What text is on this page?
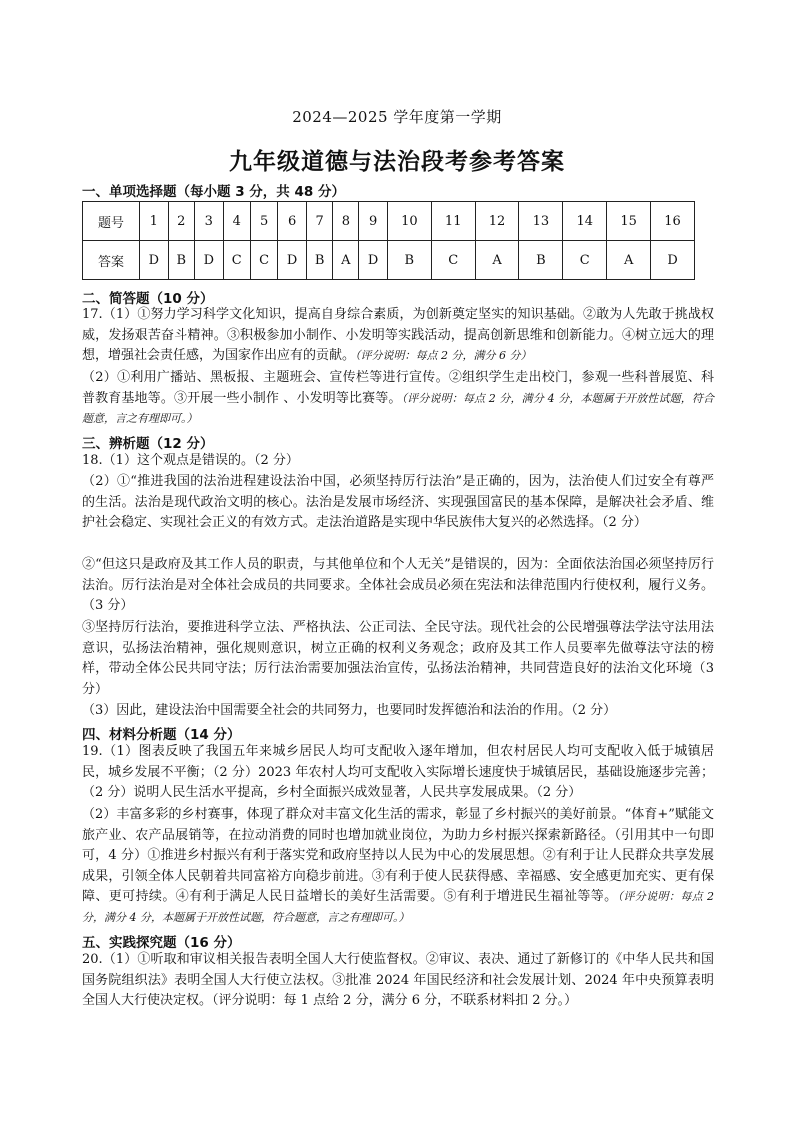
2024—2025 学年度第一学期
九年级道德与法治段考参考答案
一、单项选择题（每小题 3 分，共 48 分）
题号	1	2	3	4	5	6	7	8	9	10	11	12	13	14	15	16
答案	D	B	D	C	C	D	B	A	D	B	C	A	B	C	A	D
二、简答题（10 分）
17.（1）①努力学习科学文化知识，提高自身综合素质，为创新奠定坚实的知识基础。②敢为人先敢于挑战权威，发扬艰苦奋斗精神。③积极参加小制作、小发明等实践活动，提高创新思维和创新能力。④树立远大的理想，增强社会责任感，为国家作出应有的贡献。（评分说明：每点 2 分，满分 6 分）
（2）①利用广播站、黑板报、主题班会、宣传栏等进行宣传。②组织学生走出校门，参观一些科普展览、科普教育基地等。③开展一些小制作 、小发明等比赛等。（评分说明：每点 2 分，满分 4 分，本题属于开放性试题，符合题意，言之有理即可。）
三、辨析题（12 分）
18.（1）这个观点是错误的。（2 分）
（2）①“推进我国的法治进程建设法治中国，必须坚持厉行法治”是正确的，因为，法治使人们过安全有尊严的生活。法治是现代政治文明的核心。法治是发展市场经济、实现强国富民的基本保障，是解决社会矛盾、维护社会稳定、实现社会正义的有效方式。走法治道路是实现中华民族伟大复兴的必然选择。（2 分）
②“但这只是政府及其工作人员的职责，与其他单位和个人无关”是错误的，因为：全面依法治国必须坚持厉行法治。厉行法治是对全体社会成员的共同要求。全体社会成员必须在宪法和法律范围内行使权利，履行义务。（3 分）
③坚持厉行法治，要推进科学立法、严格执法、公正司法、全民守法。现代社会的公民增强尊法学法守法用法意识，弘扬法治精神，强化规则意识，树立正确的权利义务观念；政府及其工作人员要率先做尊法守法的榜样，带动全体公民共同守法；厉行法治需要加强法治宣传，弘扬法治精神，共同营造良好的法治文化环境（3 分）
（3）因此，建设法治中国需要全社会的共同努力，也要同时发挥德治和法治的作用。（2 分）
四、材料分析题（14 分）
19.（1）图表反映了我国五年来城乡居民人均可支配收入逐年增加，但农村居民人均可支配收入低于城镇居民，城乡发展不平衡；（2 分）2023 年农村人均可支配收入实际增长速度快于城镇居民，基础设施逐步完善；（2 分）说明人民生活水平提高，乡村全面振兴成效显著，人民共享发展成果。（2 分）
（2）丰富多彩的乡村赛事，体现了群众对丰富文化生活的需求，彰显了乡村振兴的美好前景。“体育+”赋能文旅产业、农产品展销等，在拉动消费的同时也增加就业岗位，为助力乡村振兴探索新路径。（引用其中一句即可，4 分）①推进乡村振兴有利于落实党和政府坚持以人民为中心的发展思想。②有利于让人民群众共享发展成果，引领全体人民朝着共同富裕方向稳步前进。③有利于使人民获得感、幸福感、安全感更加充实、更有保障、更可持续。④有利于满足人民日益增长的美好生活需要。⑤有利于增进民生福祉等等。（评分说明：每点 2 分，满分 4 分，本题属于开放性试题，符合题意，言之有理即可。）
五、实践探究题（16 分）
20.（1）①听取和审议相关报告表明全国人大行使监督权。②审议、表决、通过了新修订的《中华人民共和国国务院组织法》表明全国人大行使立法权。③批准 2024 年国民经济和社会发展计划、2024 年中央预算表明全国人大行使决定权。（评分说明：每 1 点给 2 分，满分 6 分，不联系材料扣 2 分。）
